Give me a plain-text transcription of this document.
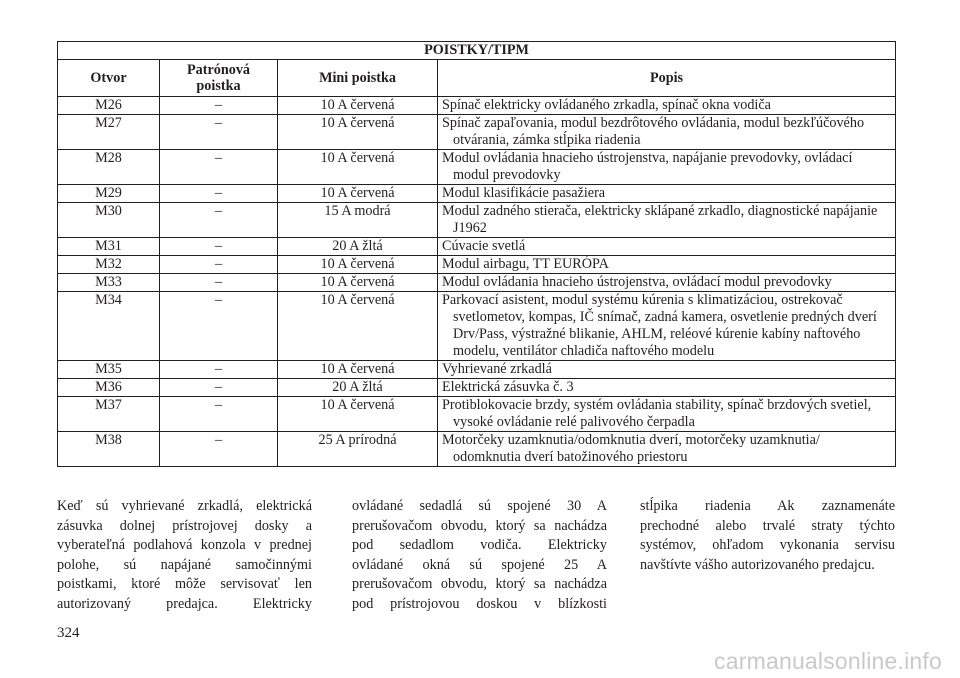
POISTKY/TIPM			
Otvor	Patrónová poistka	Mini poistka	Popis
M26	–	10 A červená	Spínač elektricky ovládaného zrkadla, spínač okna vodiča

M27	–	10 A červená	Spínač zapaľovania, modul bezdrôtového ovládania, modul bezkľúčového
otvárania, zámka stĺpika riadenia

M28	–	10 A červená	Modul ovládania hnacieho ústrojenstva, napájanie prevodovky, ovládací
modul prevodovky

M29	–	10 A červená	Modul klasifikácie pasažiera

M30	–	15 A modrá	Modul zadného stierača, elektricky sklápané zrkadlo, diagnostické napájanie
J1962

M31	–	20 A žltá	Cúvacie svetlá

M32	–	10 A červená	Modul airbagu, TT EURÓPA

M33	–	10 A červená	Modul ovládania hnacieho ústrojenstva, ovládací modul prevodovky

M34	–	10 A červená	Parkovací asistent, modul systému kúrenia s klimatizáciou, ostrekovač
svetlometov, kompas, IČ snímač, zadná kamera, osvetlenie predných dverí
Drv/Pass, výstražné blikanie, AHLM, reléové kúrenie kabíny naftového
modelu, ventilátor chladiča naftového modelu

M35	–	10 A červená	Vyhrievané zrkadlá

M36	–	20 A žltá	Elektrická zásuvka č. 3

M37	–	10 A červená	Protiblokovacie brzdy, systém ovládania stability, spínač brzdových svetiel,
vysoké ovládanie relé palivového čerpadla

M38	–	25 A prírodná	Motorčeky uzamknutia/odomknutia dverí, motorčeky uzamknutia/
odomknutia dverí batožinového priestoru
Keď sú vyhrievané zrkadlá, elektrická
zásuvka dolnej prístrojovej dosky a
vyberateľná podlahová konzola v prednej
polohe, sú napájané samočinnými
poistkami, ktoré môže servisovať len
autorizovaný predajca. Elektricky
ovládané sedadlá sú spojené 30 A
prerušovačom obvodu, ktorý sa nachádza
pod sedadlom vodiča. Elektricky
ovládané okná sú spojené 25 A
prerušovačom obvodu, ktorý sa nachádza
pod prístrojovou doskou v blízkosti
stĺpika riadenia Ak zaznamenáte
prechodné alebo trvalé straty týchto
systémov, ohľadom vykonania servisu
navštívte vášho autorizovaného predajcu.
324
carmanualsonline.info
